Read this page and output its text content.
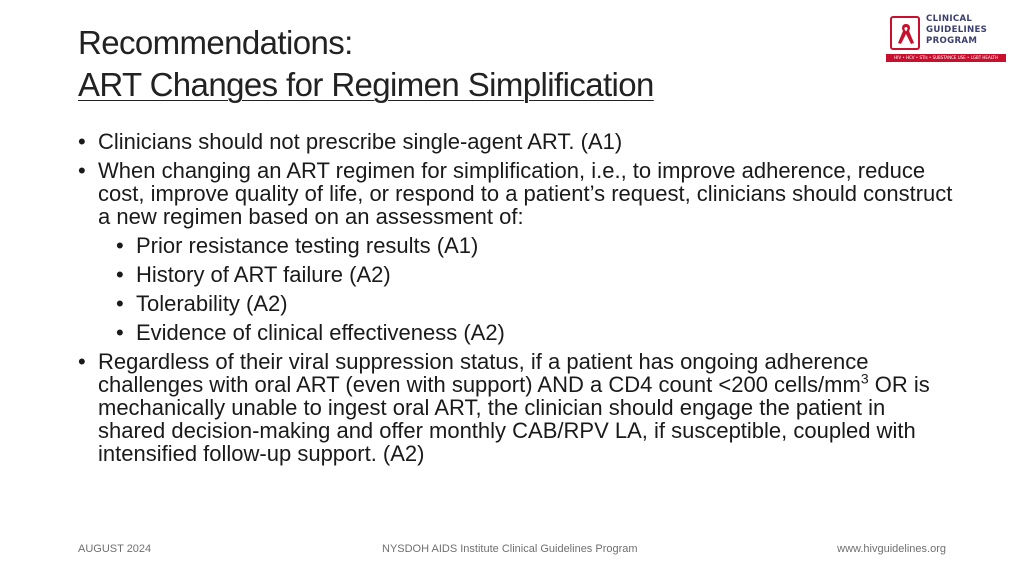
Recommendations:
ART Changes for Regimen Simplification
CLINICAL
GUIDELINES
PROGRAM
HIV • HCV • STIs • SUBSTANCE USE • LGBT HEALTH
• Clinicians should not prescribe single-agent ART. (A1)
• When changing an ART regimen for simplification, i.e., to improve adherence, reduce cost, improve quality of life, or respond to a patient’s request, clinicians should construct a new regimen based on an assessment of:
• Prior resistance testing results (A1)
• History of ART failure (A2)
• Tolerability (A2)
• Evidence of clinical effectiveness (A2)
• Regardless of their viral suppression status, if a patient has ongoing adherence challenges with oral ART (even with support) AND a CD4 count <200 cells/$mm^3$ OR is mechanically unable to ingest oral ART, the clinician should engage the patient in shared decision-making and offer monthly CAB/RPV LA, if susceptible, coupled with intensified follow-up support. (A2)
AUGUST 2024	NYSDOH AIDS Institute Clinical Guidelines Program	www.hivguidelines.org
